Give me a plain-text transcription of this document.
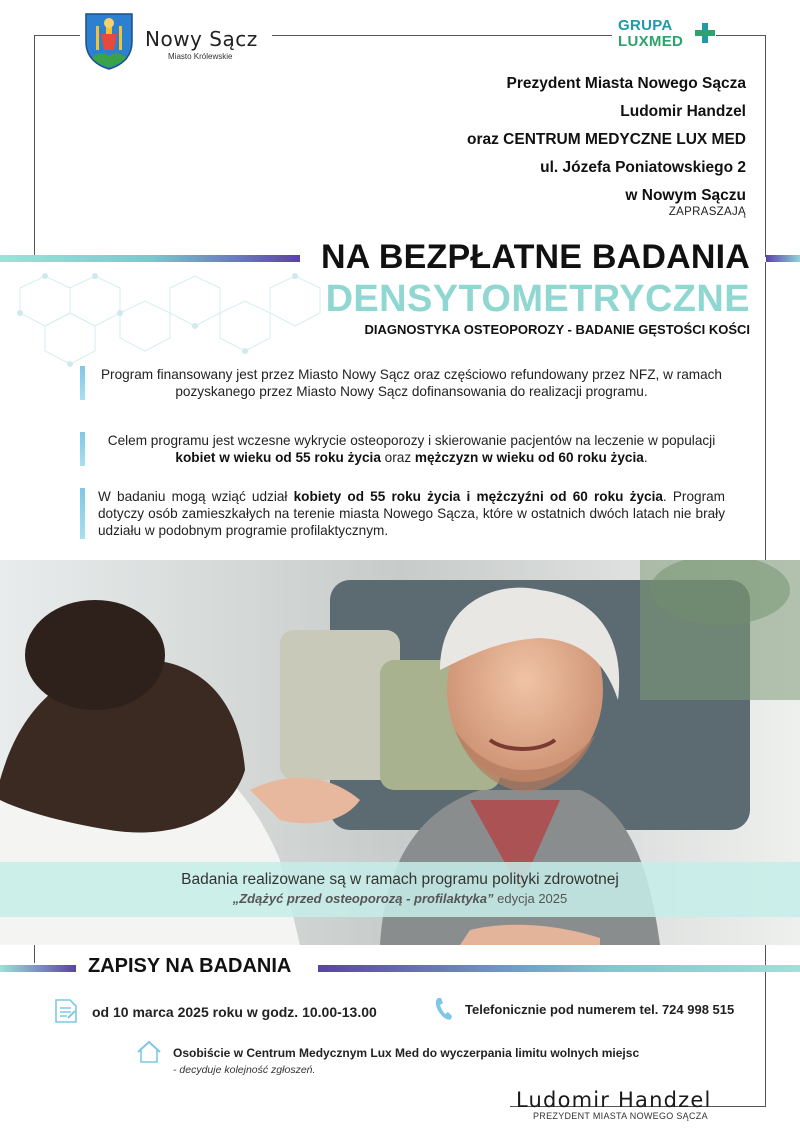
Nowy Sącz
Miasto Królewskie
GRUPA
LUXMED
Prezydent Miasta Nowego Sącza
Ludomir Handzel
oraz CENTRUM MEDYCZNE LUX MED
ul. Józefa Poniatowskiego 2
w Nowym Sączu
ZAPRASZAJĄ
NA BEZPŁATNE BADANIA
DENSYTOMETRYCZNE
DIAGNOSTYKA OSTEOPOROZY - BADANIE GĘSTOŚCI KOŚCI
Program finansowany jest przez Miasto Nowy Sącz oraz częściowo refundowany przez NFZ, w ramach pozyskanego przez Miasto Nowy Sącz dofinansowania do realizacji programu.
Celem programu jest wczesne wykrycie osteoporozy i skierowanie pacjentów na leczenie w populacji kobiet w wieku od 55 roku życia oraz mężczyzn w wieku od 60 roku życia.
W badaniu mogą wziąć udział kobiety od 55 roku życia i mężczyźni od 60 roku życia. Program dotyczy osób zamieszkałych na terenie miasta Nowego Sącza, które w ostatnich dwóch latach nie brały udziału w podobnym programie profilaktycznym.
Badania realizowane są w ramach programu polityki zdrowotnej
„Zdążyć przed osteoporozą - profilaktyka” edycja 2025
ZAPISY NA BADANIA
od 10 marca 2025 roku w godz. 10.00-13.00	Telefonicznie pod numerem tel. 724 998 515
Osobiście w Centrum Medycznym Lux Med do wyczerpania limitu wolnych miejsc
- decyduje kolejność zgłoszeń.
Ludomir Handzel
PREZYDENT MIASTA NOWEGO SĄCZA
